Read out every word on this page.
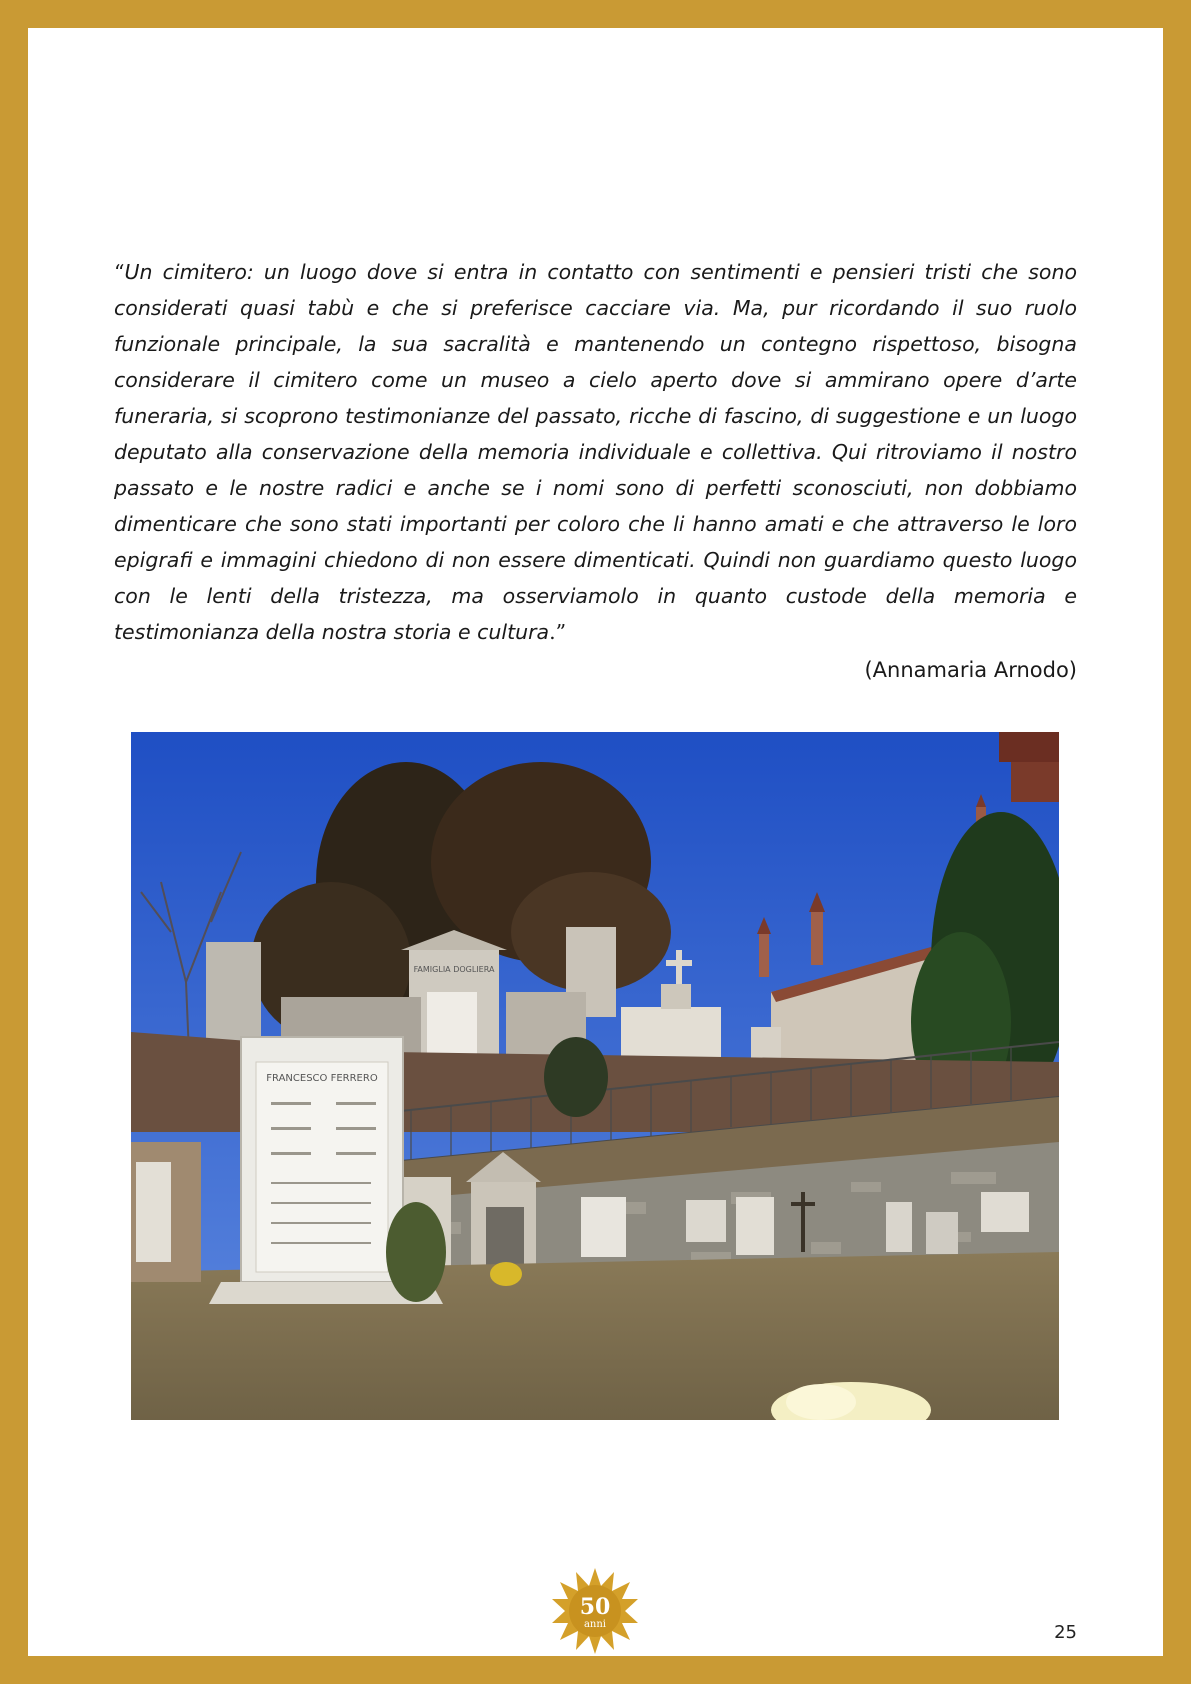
“Un cimitero: un luogo dove si entra in contatto con sentimenti e pensieri tristi che sono considerati quasi tabù e che si preferisce cacciare via. Ma, pur ricordando il suo ruolo funzionale principale, la sua sacralità e mantenendo un contegno rispettoso, bisogna considerare il cimitero come un museo a cielo aperto dove si ammirano opere d’arte funeraria, si scoprono testimonianze del passato, ricche di fascino, di suggestione e un luogo deputato alla conservazione della memoria individuale e collettiva. Qui ritroviamo il nostro passato e le nostre radici e anche se i nomi sono di perfetti sconosciuti, non dobbiamo dimenticare che sono stati importanti per coloro che li hanno amati e che attraverso le loro epigrafi e immagini chiedono di non essere dimenticati. Quindi non guardiamo questo luogo con le lenti della tristezza, ma osserviamolo in quanto custode della memoria e testimonianza della nostra storia e cultura.”

(Annamaria Arnodo)
FAMIGLIA DOGLIERA
FRANCESCO FERRERO
50
anni	25
